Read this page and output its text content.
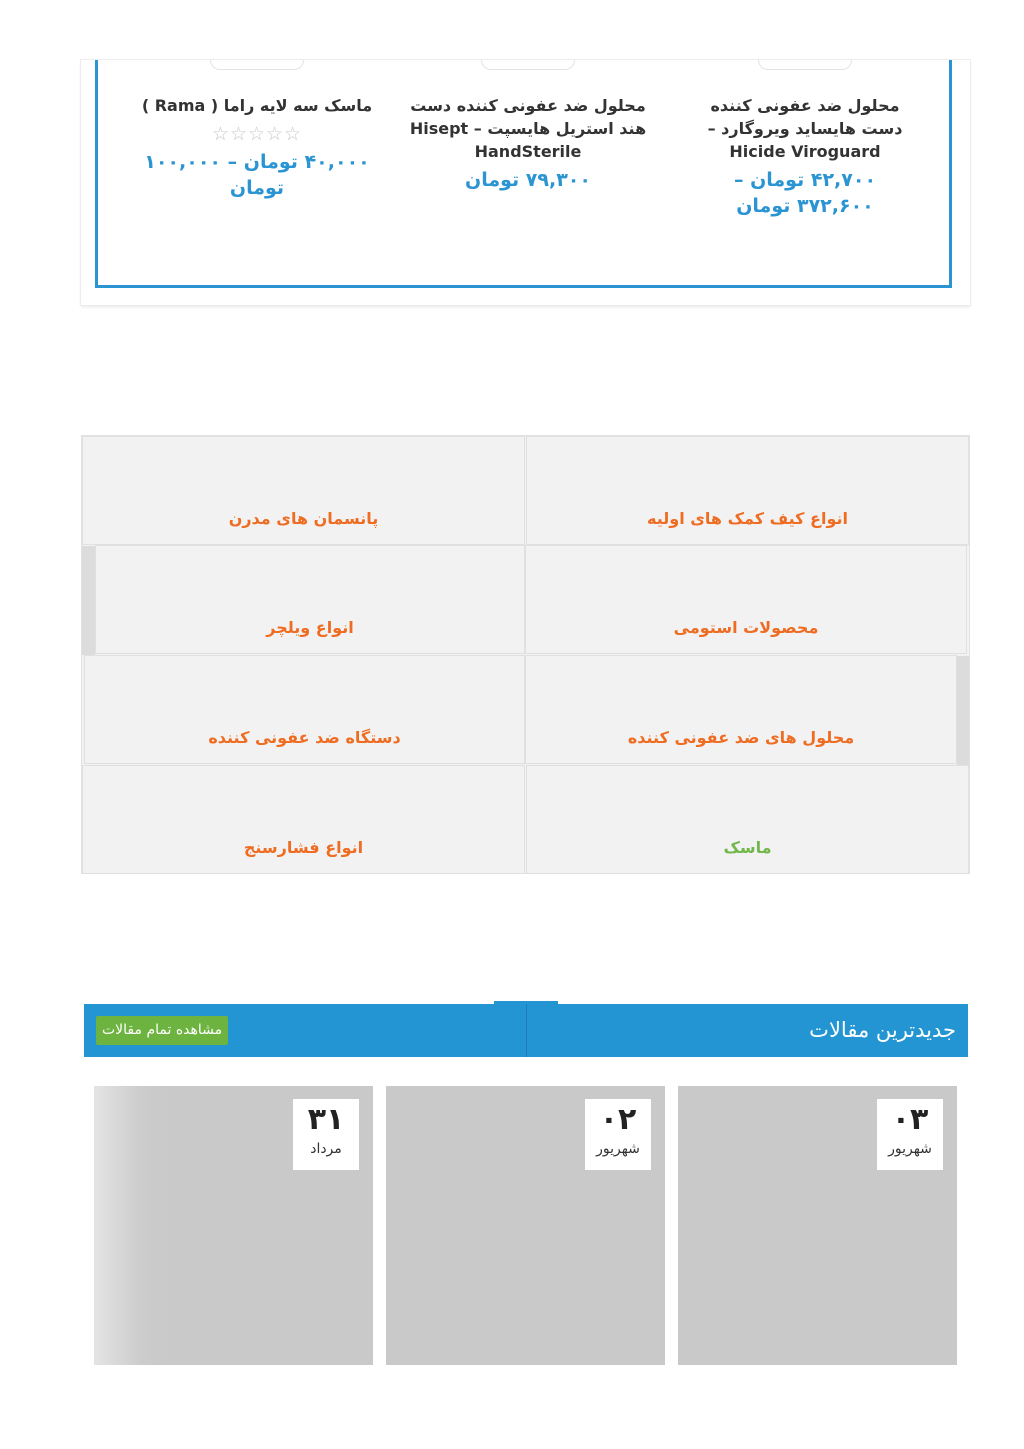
محلول ضد عفونی کننده دست هایساید ویروگارد – Hicide Viroguard
۴۲,۷۰۰ تومان – ۳۷۲,۶۰۰ تومان
محلول ضد عفونی کننده دست هند استریل هایسپت – Hisept HandSterile
۷۹,۳۰۰ تومان
ماسک سه لایه راما ( Rama )
☆☆☆☆☆
۴۰,۰۰۰ تومان – ۱۰۰,۰۰۰ تومان
انواع کیف کمک های اولیه
پانسمان های مدرن
محصولات استومی
انواع ویلچر
محلول های ضد عفونی کننده
دستگاه ضد عفونی کننده
ماسک
انواع فشارسنج
جدیدترین مقالات
مشاهده تمام مقالات
۰۳
شهریور
۰۲
شهریور
۳۱
مرداد
